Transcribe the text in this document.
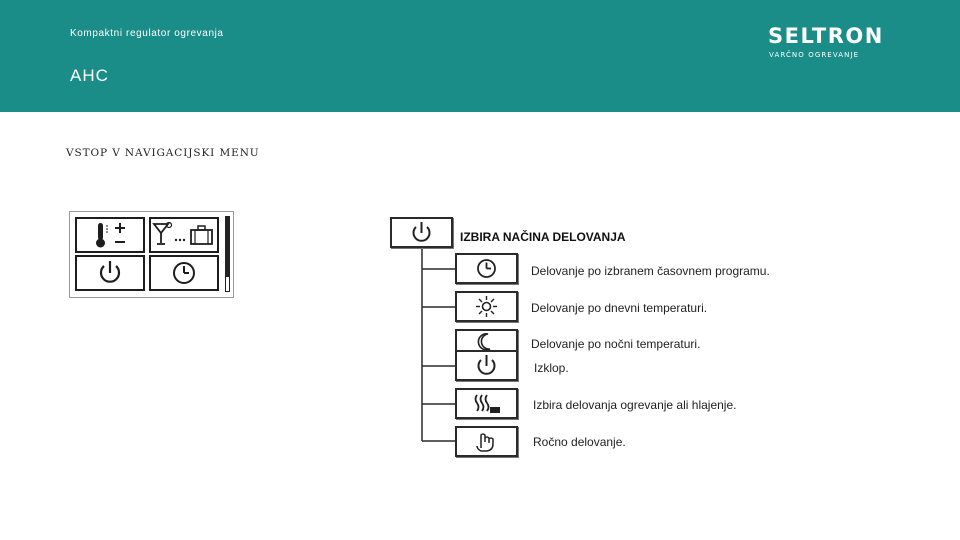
Kompaktni regulator ogrevanja
AHC
SELTRON
VARČNO OGREVANJE
VSTOP V NAVIGACIJSKI MENU
IZBIRA NAČINA DELOVANJA
Delovanje po izbranem časovnem programu.
Delovanje po dnevni temperaturi.
Delovanje po nočni temperaturi.
Izklop.
Izbira delovanja ogrevanje ali hlajenje.
Ročno delovanje.
